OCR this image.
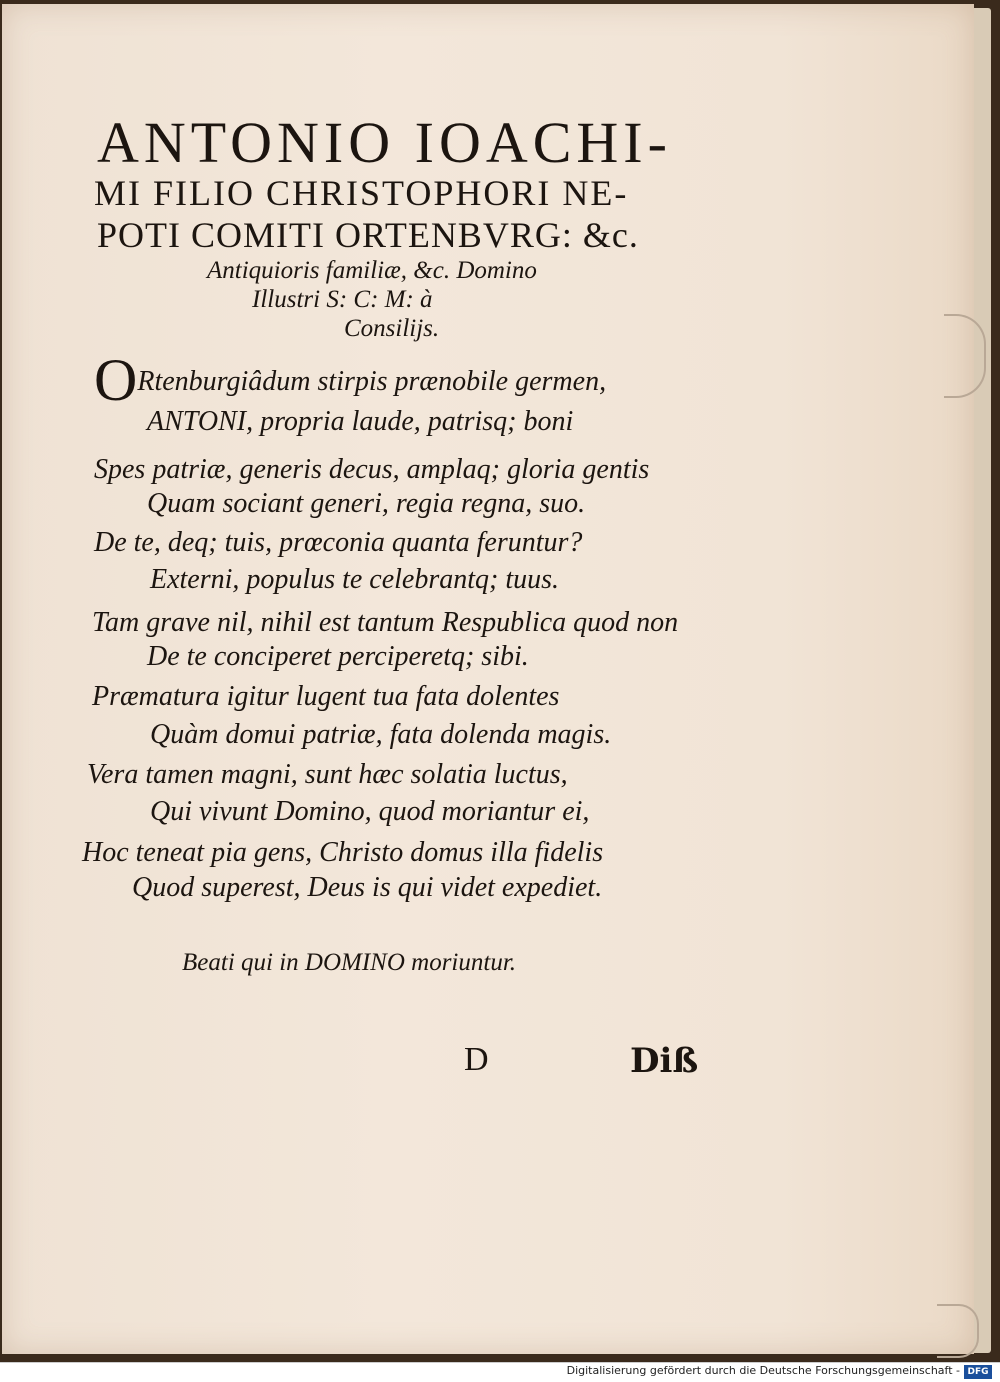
ANTONIO IOACHI-
MI FILIO CHRISTOPHORI NE-
POTI COMITI ORTENBVRG: &c.
Antiquioris familiæ, &c. Domino
Illustri S: C: M: à
Consilijs.
ORtenburgiâdum stirpis prænobile germen,
ANTONI, propria laude, patrisq; boni
Spes patriæ, generis decus, amplaq; gloria gentis
Quam sociant generi, regia regna, suo.
De te, deq; tuis, prœconia quanta feruntur?
Externi, populus te celebrantq; tuus.
Tam grave nil, nihil est tantum Respublica quod non
De te conciperet perciperetq; sibi.
Præmatura igitur lugent tua fata dolentes
Quàm domui patriæ, fata dolenda magis.
Vera tamen magni, sunt hæc solatia luctus,
Qui vivunt Domino, quod moriantur ei,
Hoc teneat pia gens, Christo domus illa fidelis
Quod superest, Deus is qui videt expediet.
Beati qui in DOMINO moriuntur.
D	Diß
Digitalisierung gefördert durch die Deutsche Forschungsgemeinschaft - DFG
